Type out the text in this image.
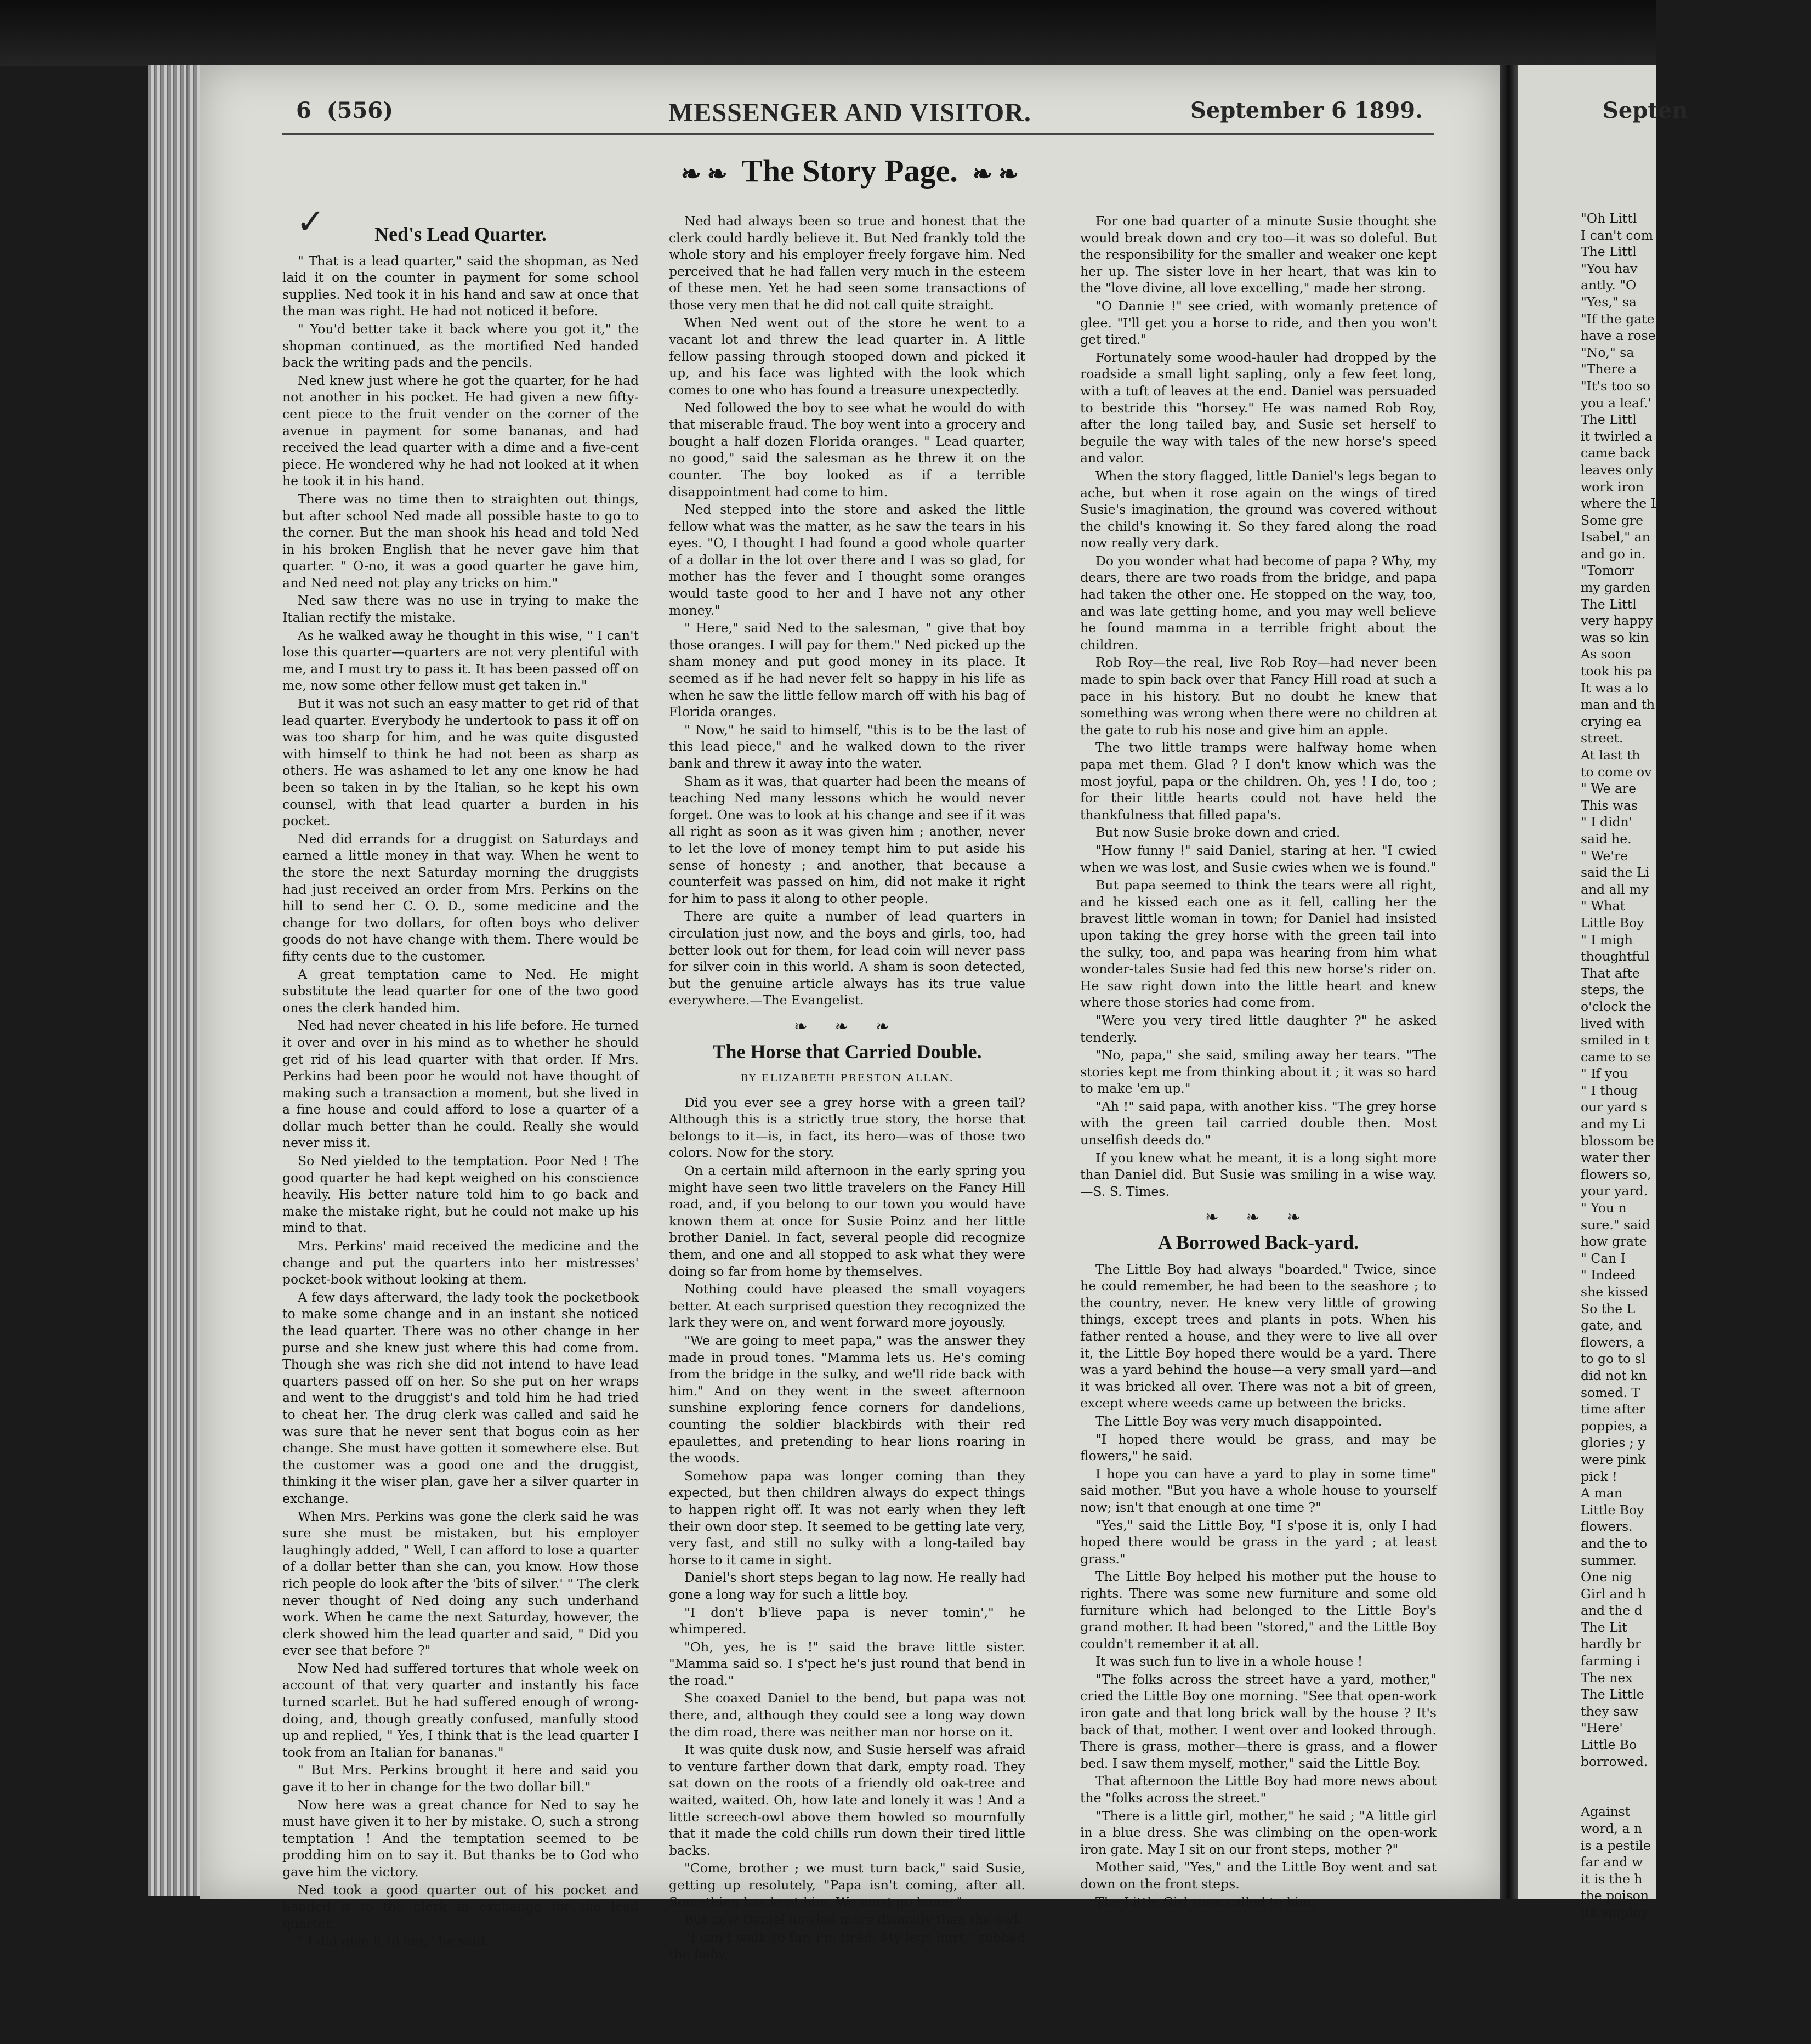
6 (556)	MESSENGER AND VISITOR.	September 6 1899.
❧ ❧ The Story Page. ❧ ❧
✓	Ned's Lead Quarter.

" That is a lead quarter," said the shopman, as Ned laid it on the counter in payment for some school supplies. Ned took it in his hand and saw at once that the man was right. He had not noticed it before.

" You'd better take it back where you got it," the shopman continued, as the mortified Ned handed back the writing pads and the pencils.

Ned knew just where he got the quarter, for he had not another in his pocket. He had given a new fifty-cent piece to the fruit vender on the corner of the avenue in payment for some bananas, and had received the lead quarter with a dime and a five-cent piece. He wondered why he had not looked at it when he took it in his hand.

There was no time then to straighten out things, but after school Ned made all possible haste to go to the corner. But the man shook his head and told Ned in his broken English that he never gave him that quarter. " O-no, it was a good quarter he gave him, and Ned need not play any tricks on him."

Ned saw there was no use in trying to make the Italian rectify the mistake.

As he walked away he thought in this wise, " I can't lose this quarter—quarters are not very plentiful with me, and I must try to pass it. It has been passed off on me, now some other fellow must get taken in."

But it was not such an easy matter to get rid of that lead quarter. Everybody he undertook to pass it off on was too sharp for him, and he was quite disgusted with himself to think he had not been as sharp as others. He was ashamed to let any one know he had been so taken in by the Italian, so he kept his own counsel, with that lead quarter a burden in his pocket.

Ned did errands for a druggist on Saturdays and earned a little money in that way. When he went to the store the next Saturday morning the druggists had just received an order from Mrs. Perkins on the hill to send her C. O. D., some medicine and the change for two dollars, for often boys who deliver goods do not have change with them. There would be fifty cents due to the customer.

A great temptation came to Ned. He might substitute the lead quarter for one of the two good ones the clerk handed him.

Ned had never cheated in his life before. He turned it over and over in his mind as to whether he should get rid of his lead quarter with that order. If Mrs. Perkins had been poor he would not have thought of making such a transaction a moment, but she lived in a fine house and could afford to lose a quarter of a dollar much better than he could. Really she would never miss it.

So Ned yielded to the temptation. Poor Ned ! The good quarter he had kept weighed on his conscience heavily. His better nature told him to go back and make the mistake right, but he could not make up his mind to that.

Mrs. Perkins' maid received the medicine and the change and put the quarters into her mistresses' pocket-book without looking at them.

A few days afterward, the lady took the pocketbook to make some change and in an instant she noticed the lead quarter. There was no other change in her purse and she knew just where this had come from. Though she was rich she did not intend to have lead quarters passed off on her. So she put on her wraps and went to the druggist's and told him he had tried to cheat her. The drug clerk was called and said he was sure that he never sent that bogus coin as her change. She must have gotten it somewhere else. But the customer was a good one and the druggist, thinking it the wiser plan, gave her a silver quarter in exchange.

When Mrs. Perkins was gone the clerk said he was sure she must be mistaken, but his employer laughingly added, " Well, I can afford to lose a quarter of a dollar better than she can, you know. How those rich people do look after the 'bits of silver.' " The clerk never thought of Ned doing any such underhand work. When he came the next Saturday, however, the clerk showed him the lead quarter and said, " Did you ever see that before ?"

Now Ned had suffered tortures that whole week on account of that very quarter and instantly his face turned scarlet. But he had suffered enough of wrong-doing, and, though greatly confused, manfully stood up and replied, " Yes, I think that is the lead quarter I took from an Italian for bananas."

" But Mrs. Perkins brought it here and said you gave it to her in change for the two dollar bill."

Now here was a great chance for Ned to say he must have given it to her by mistake. O, such a strong temptation ! And the temptation seemed to be prodding him on to say it. But thanks be to God who gave him the victory.

Ned took a good quarter out of his pocket and handed it to the clerk in exchange for the lead quarter.

" I did give it to her," he said.

Ned had always been so true and honest that the clerk could hardly believe it. But Ned frankly told the whole story and his employer freely forgave him. Ned perceived that he had fallen very much in the esteem of these men. Yet he had seen some transactions of those very men that he did not call quite straight.

When Ned went out of the store he went to a vacant lot and threw the lead quarter in. A little fellow passing through stooped down and picked it up, and his face was lighted with the look which comes to one who has found a treasure unexpectedly.

Ned followed the boy to see what he would do with that miserable fraud. The boy went into a grocery and bought a half dozen Florida oranges. " Lead quarter, no good," said the salesman as he threw it on the counter. The boy looked as if a terrible disappointment had come to him.

Ned stepped into the store and asked the little fellow what was the matter, as he saw the tears in his eyes. "O, I thought I had found a good whole quarter of a dollar in the lot over there and I was so glad, for mother has the fever and I thought some oranges would taste good to her and I have not any other money."

" Here," said Ned to the salesman, " give that boy those oranges. I will pay for them." Ned picked up the sham money and put good money in its place. It seemed as if he had never felt so happy in his life as when he saw the little fellow march off with his bag of Florida oranges.

" Now," he said to himself, "this is to be the last of this lead piece," and he walked down to the river bank and threw it away into the water.

Sham as it was, that quarter had been the means of teaching Ned many lessons which he would never forget. One was to look at his change and see if it was all right as soon as it was given him ; another, never to let the love of money tempt him to put aside his sense of honesty ; and another, that because a counterfeit was passed on him, did not make it right for him to pass it along to other people.

There are quite a number of lead quarters in circulation just now, and the boys and girls, too, had better look out for them, for lead coin will never pass for silver coin in this world. A sham is soon detected, but the genuine article always has its true value everywhere.—The Evangelist.

❧ ❧ ❧
The Horse that Carried Double.
BY ELIZABETH PRESTON ALLAN.

Did you ever see a grey horse with a green tail? Although this is a strictly true story, the horse that belongs to it—is, in fact, its hero—was of those two colors. Now for the story.

On a certain mild afternoon in the early spring you might have seen two little travelers on the Fancy Hill road, and, if you belong to our town you would have known them at once for Susie Poinz and her little brother Daniel. In fact, several people did recognize them, and one and all stopped to ask what they were doing so far from home by themselves.

Nothing could have pleased the small voyagers better. At each surprised question they recognized the lark they were on, and went forward more joyously.

"We are going to meet papa," was the answer they made in proud tones. "Mamma lets us. He's coming from the bridge in the sulky, and we'll ride back with him." And on they went in the sweet afternoon sunshine exploring fence corners for dandelions, counting the soldier blackbirds with their red epaulettes, and pretending to hear lions roaring in the woods.

Somehow papa was longer coming than they expected, but then children always do expect things to happen right off. It was not early when they left their own door step. It seemed to be getting late very, very fast, and still no sulky with a long-tailed bay horse to it came in sight.

Daniel's short steps began to lag now. He really had gone a long way for such a little boy.

"I don't b'lieve papa is never tomin'," he whimpered.

"Oh, yes, he is !" said the brave little sister. "Mamma said so. I s'pect he's just round that bend in the road."

She coaxed Daniel to the bend, but papa was not there, and, although they could see a long way down the dim road, there was neither man nor horse on it.

It was quite dusk now, and Susie herself was afraid to venture farther down that dark, empty road. They sat down on the roots of a friendly old oak-tree and waited, waited. Oh, how late and lonely it was ! And a little screech-owl above them howled so mournfully that it made the cold chills run down their tired little backs.

"Come, brother ; we must turn back," said Susie, getting up resolutely, "Papa isn't coming, after all. Something has kept him. We must go home."

But now Daniel howled more dismally than the owl.

"I can't walk so far. I'm tired. My legs hurt," sobbed the baby.

For one bad quarter of a minute Susie thought she would break down and cry too—it was so doleful. But the responsibility for the smaller and weaker one kept her up. The sister love in her heart, that was kin to the "love divine, all love excelling," made her strong.

"O Dannie !" see cried, with womanly pretence of glee. "I'll get you a horse to ride, and then you won't get tired."

Fortunately some wood-hauler had dropped by the roadside a small light sapling, only a few feet long, with a tuft of leaves at the end. Daniel was persuaded to bestride this "horsey." He was named Rob Roy, after the long tailed bay, and Susie set herself to beguile the way with tales of the new horse's speed and valor.

When the story flagged, little Daniel's legs began to ache, but when it rose again on the wings of tired Susie's imagination, the ground was covered without the child's knowing it. So they fared along the road now really very dark.

Do you wonder what had become of papa ? Why, my dears, there are two roads from the bridge, and papa had taken the other one. He stopped on the way, too, and was late getting home, and you may well believe he found mamma in a terrible fright about the children.

Rob Roy—the real, live Rob Roy—had never been made to spin back over that Fancy Hill road at such a pace in his history. But no doubt he knew that something was wrong when there were no children at the gate to rub his nose and give him an apple.

The two little tramps were halfway home when papa met them. Glad ? I don't know which was the most joyful, papa or the children. Oh, yes ! I do, too ; for their little hearts could not have held the thankfulness that filled papa's.

But now Susie broke down and cried.

"How funny !" said Daniel, staring at her. "I cwied when we was lost, and Susie cwies when we is found."

But papa seemed to think the tears were all right, and he kissed each one as it fell, calling her the bravest little woman in town; for Daniel had insisted upon taking the grey horse with the green tail into the sulky, too, and papa was hearing from him what wonder-tales Susie had fed this new horse's rider on. He saw right down into the little heart and knew where those stories had come from.

"Were you very tired little daughter ?" he asked tenderly.

"No, papa," she said, smiling away her tears. "The stories kept me from thinking about it ; it was so hard to make 'em up."

"Ah !" said papa, with another kiss. "The grey horse with the green tail carried double then. Most unselfish deeds do."

If you knew what he meant, it is a long sight more than Daniel did. But Susie was smiling in a wise way. —S. S. Times.

❧ ❧ ❧
A Borrowed Back-yard.

The Little Boy had always "boarded." Twice, since he could remember, he had been to the seashore ; to the country, never. He knew very little of growing things, except trees and plants in pots. When his father rented a house, and they were to live all over it, the Little Boy hoped there would be a yard. There was a yard behind the house—a very small yard—and it was bricked all over. There was not a bit of green, except where weeds came up between the bricks.

The Little Boy was very much disappointed.

"I hoped there would be grass, and may be flowers," he said.

I hope you can have a yard to play in some time" said mother. "But you have a whole house to yourself now; isn't that enough at one time ?"

"Yes," said the Little Boy, "I s'pose it is, only I had hoped there would be grass in the yard ; at least grass."

The Little Boy helped his mother put the house to rights. There was some new furniture and some old furniture which had belonged to the Little Boy's grand mother. It had been "stored," and the Little Boy couldn't remember it at all.

It was such fun to live in a whole house !

"The folks across the street have a yard, mother," cried the Little Boy one morning. "See that open-work iron gate and that long brick wall by the house ? It's back of that, mother. I went over and looked through. There is grass, mother—there is grass, and a flower bed. I saw them myself, mother," said the Little Boy.

That afternoon the Little Boy had more news about the "folks across the street."

"There is a little girl, mother," he said ; "A little girl in a blue dress. She was climbing on the open-work iron gate. May I sit on our front steps, mother ?"

Mother said, "Yes," and the Little Boy went and sat down on the front steps.

The Little Girl soon called to him,

Septen
"Oh Littl
I can't com
The Littl
"You hav
antly. "O
"Yes," sa
"If the gate
have a rose
"No," sa
"There a
"It's too so
you a leaf.'
The Littl
it twirled a
came back
leaves only
work iron
where the L
Some gre
Isabel," an
and go in.
"Tomorr
my garden
The Littl
very happy
was so kin
As soon
took his pa
It was a lo
man and th
crying ea
street.
At last th
to come ov
" We are
This was
" I didn'
said he.
" We're
said the Li
and all my
" What
Little Boy
" I migh
thoughtful
That afte
steps, the
o'clock the
lived with
smiled in t
came to se
" If you
" I thoug
our yard s
and my Li
blossom be
water ther
flowers so,
your yard.
" You n
sure." said
how grate
" Can I
" Indeed
she kissed
So the L
gate, and
flowers, a
to go to sl
did not kn
somed. T
time after
poppies, a
glories ; y
were pink
pick !
A man
Little Boy
flowers.
and the to
summer.
One nig
Girl and h
and the d
The Lit
hardly br
farming i
The nex
The Little
they saw
"Here'
Little Bo
borrowed.

Against
word, a n
is a pestile
far and w
it is the h
the poison
its employ
